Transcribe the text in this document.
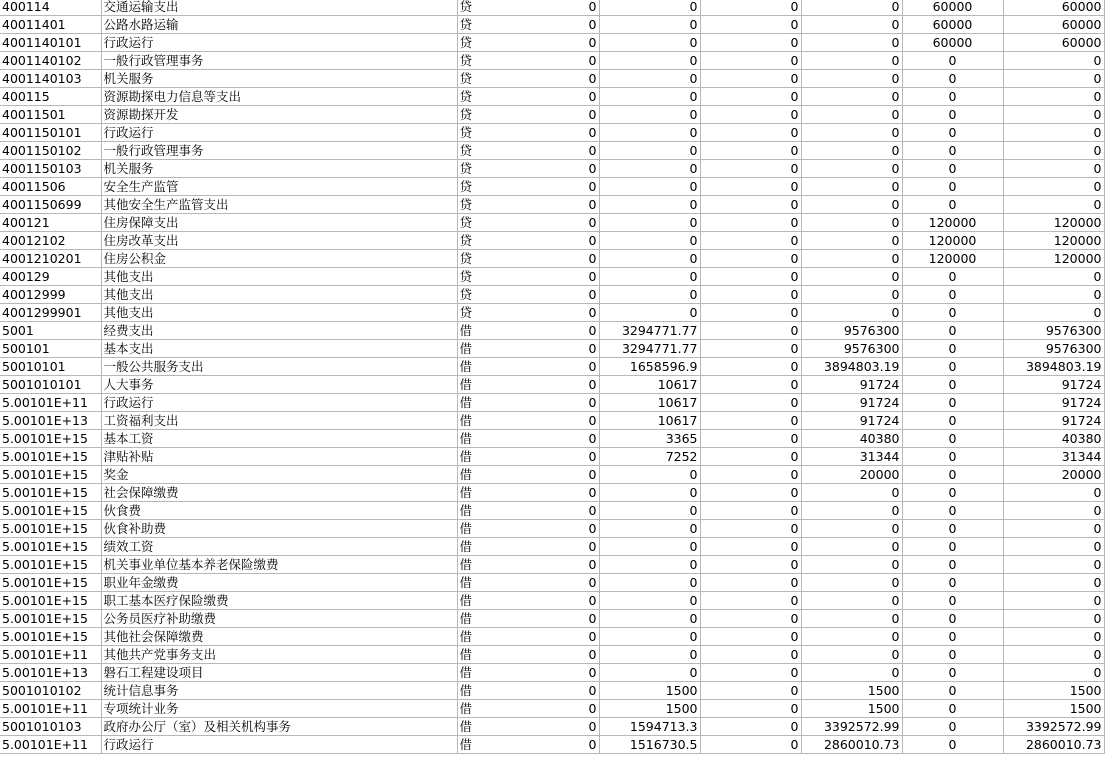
400114	交通运输支出	贷 0	0	0	0	60000	60000
40011401	公路水路运输	贷 0	0	0	0	60000	60000
4001140101	行政运行	贷 0	0	0	0	60000	60000
4001140102	一般行政管理事务	贷 0	0	0	0	0	0
4001140103	机关服务	贷 0	0	0	0	0	0
400115	资源勘探电力信息等支出	贷 0	0	0	0	0	0
40011501	资源勘探开发	贷 0	0	0	0	0	0
4001150101	行政运行	贷 0	0	0	0	0	0
4001150102	一般行政管理事务	贷 0	0	0	0	0	0
4001150103	机关服务	贷 0	0	0	0	0	0
40011506	安全生产监管	贷 0	0	0	0	0	0
4001150699	其他安全生产监管支出	贷 0	0	0	0	0	0
400121	住房保障支出	贷 0	0	0	0	120000	120000
40012102	住房改革支出	贷 0	0	0	0	120000	120000
4001210201	住房公积金	贷 0	0	0	0	120000	120000
400129	其他支出	贷 0	0	0	0	0	0
40012999	其他支出	贷 0	0	0	0	0	0
4001299901	其他支出	贷 0	0	0	0	0	0
5001	经费支出	借 0	3294771.77	0	9576300	0	9576300
500101	基本支出	借 0	3294771.77	0	9576300	0	9576300
50010101	一般公共服务支出	借 0	1658596.9	0	3894803.19	0	3894803.19
5001010101	人大事务	借 0	10617	0	91724	0	91724
5.00101E+11	行政运行	借 0	10617	0	91724	0	91724
5.00101E+13	工资福利支出	借 0	10617	0	91724	0	91724
5.00101E+15	基本工资	借 0	3365	0	40380	0	40380
5.00101E+15	津贴补贴	借 0	7252	0	31344	0	31344
5.00101E+15	奖金	借 0	0	0	20000	0	20000
5.00101E+15	社会保障缴费	借 0	0	0	0	0	0
5.00101E+15	伙食费	借 0	0	0	0	0	0
5.00101E+15	伙食补助费	借 0	0	0	0	0	0
5.00101E+15	绩效工资	借 0	0	0	0	0	0
5.00101E+15	机关事业单位基本养老保险缴费	借 0	0	0	0	0	0
5.00101E+15	职业年金缴费	借 0	0	0	0	0	0
5.00101E+15	职工基本医疗保险缴费	借 0	0	0	0	0	0
5.00101E+15	公务员医疗补助缴费	借 0	0	0	0	0	0
5.00101E+15	其他社会保障缴费	借 0	0	0	0	0	0
5.00101E+11	其他共产党事务支出	借 0	0	0	0	0	0
5.00101E+13	磐石工程建设项目	借 0	0	0	0	0	0
5001010102	统计信息事务	借 0	1500	0	1500	0	1500
5.00101E+11	专项统计业务	借 0	1500	0	1500	0	1500
5001010103	政府办公厅（室）及相关机构事务	借 0	1594713.3	0	3392572.99	0	3392572.99
5.00101E+11	行政运行	借 0	1516730.5	0	2860010.73	0	2860010.73
